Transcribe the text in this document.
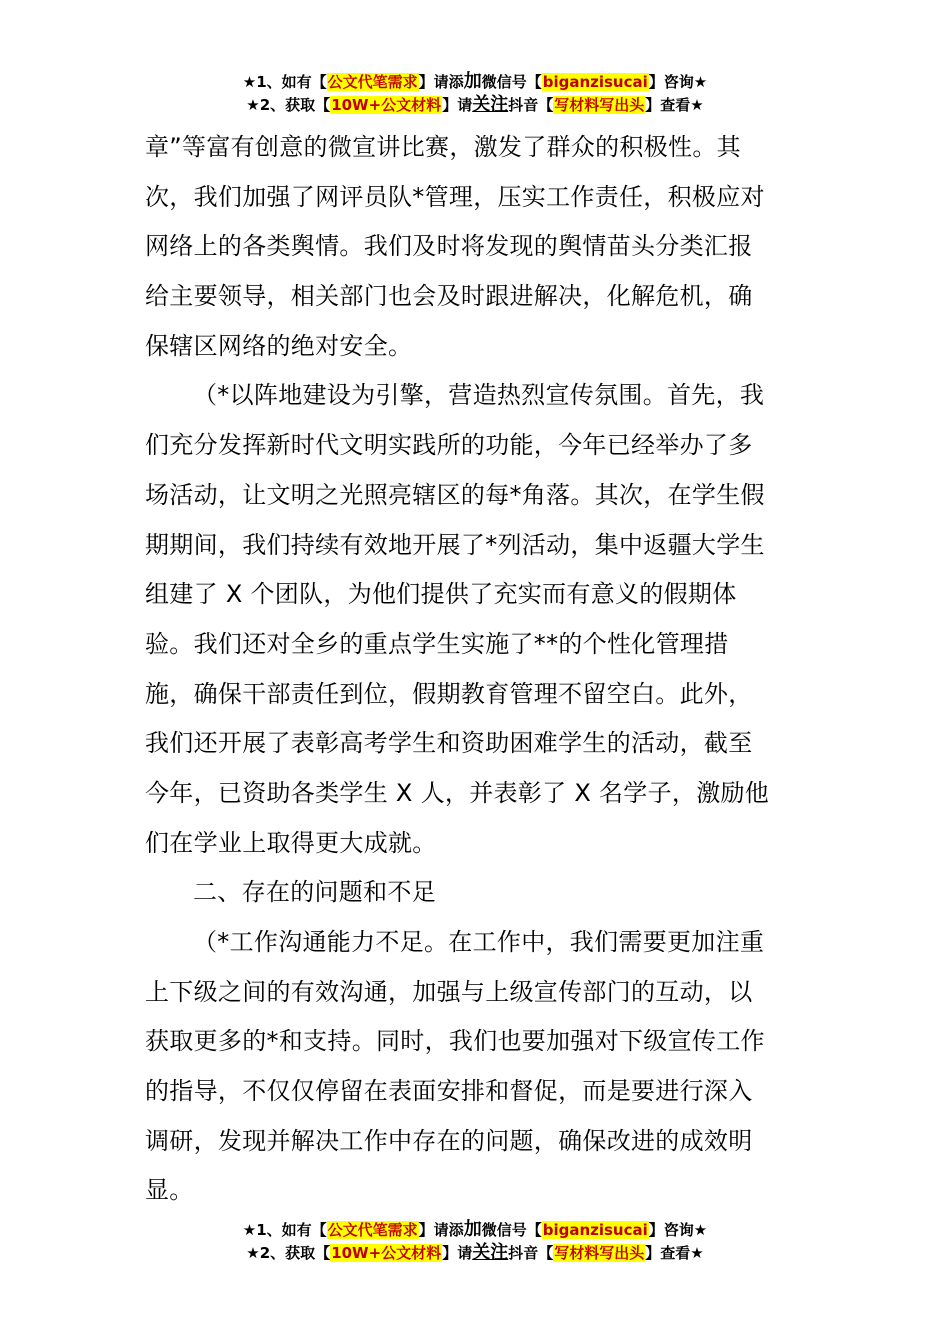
★1、如有【公文代笔需求】请添加微信号【biganzisucai】咨询★
★2、获取【10W+公文材料】请关注抖音【写材料写出头】查看★
章”等富有创意的微宣讲比赛，激发了群众的积极性。其
次，我们加强了网评员队*管理，压实工作责任，积极应对
网络上的各类舆情。我们及时将发现的舆情苗头分类汇报
给主要领导，相关部门也会及时跟进解决，化解危机，确
保辖区网络的绝对安全。
（*以阵地建设为引擎，营造热烈宣传氛围。首先，我
们充分发挥新时代文明实践所的功能，今年已经举办了多
场活动，让文明之光照亮辖区的每*角落。其次，在学生假
期期间，我们持续有效地开展了*列活动，集中返疆大学生
组建了 X 个团队，为他们提供了充实而有意义的假期体
验。我们还对全乡的重点学生实施了**的个性化管理措
施，确保干部责任到位，假期教育管理不留空白。此外，
我们还开展了表彰高考学生和资助困难学生的活动，截至
今年，已资助各类学生 X 人，并表彰了 X 名学子，激励他
们在学业上取得更大成就。
二、存在的问题和不足
（*工作沟通能力不足。在工作中，我们需要更加注重
上下级之间的有效沟通，加强与上级宣传部门的互动，以
获取更多的*和支持。同时，我们也要加强对下级宣传工作
的指导，不仅仅停留在表面安排和督促，而是要进行深入
调研，发现并解决工作中存在的问题，确保改进的成效明
显。
★1、如有【公文代笔需求】请添加微信号【biganzisucai】咨询★
★2、获取【10W+公文材料】请关注抖音【写材料写出头】查看★
